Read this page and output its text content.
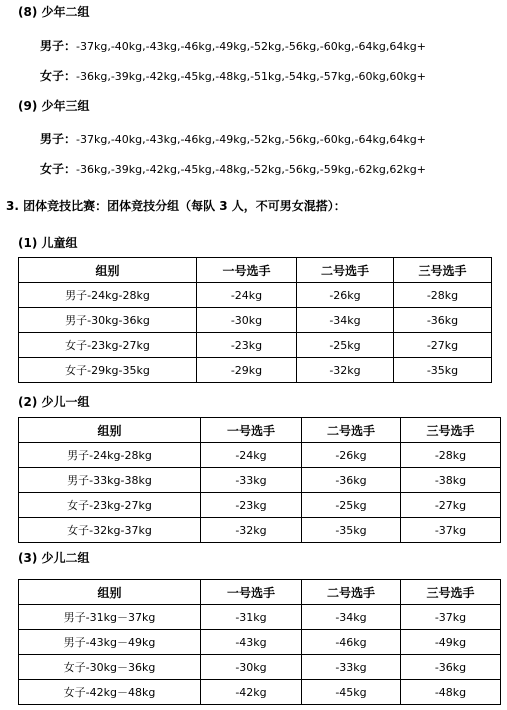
(8) 少年二组
男子：-37kg,-40kg,-43kg,-46kg,-49kg,-52kg,-56kg,-60kg,-64kg,64kg+
女子：-36kg,-39kg,-42kg,-45kg,-48kg,-51kg,-54kg,-57kg,-60kg,60kg+
(9) 少年三组
男子：-37kg,-40kg,-43kg,-46kg,-49kg,-52kg,-56kg,-60kg,-64kg,64kg+
女子：-36kg,-39kg,-42kg,-45kg,-48kg,-52kg,-56kg,-59kg,-62kg,62kg+
3. 团体竞技比赛：团体竞技分组（每队 3 人，不可男女混搭）：
(1) 儿童组
组别	一号选手	二号选手	三号选手
男子-24kg-28kg	-24kg	-26kg	-28kg
男子-30kg-36kg	-30kg	-34kg	-36kg
女子-23kg-27kg	-23kg	-25kg	-27kg
女子-29kg-35kg	-29kg	-32kg	-35kg
(2) 少儿一组
组别	一号选手	二号选手	三号选手
男子-24kg-28kg	-24kg	-26kg	-28kg
男子-33kg-38kg	-33kg	-36kg	-38kg
女子-23kg-27kg	-23kg	-25kg	-27kg
女子-32kg-37kg	-32kg	-35kg	-37kg
(3) 少儿二组
组别	一号选手	二号选手	三号选手
男子-31kg－37kg	-31kg	-34kg	-37kg
男子-43kg－49kg	-43kg	-46kg	-49kg
女子-30kg－36kg	-30kg	-33kg	-36kg
女子-42kg－48kg	-42kg	-45kg	-48kg
